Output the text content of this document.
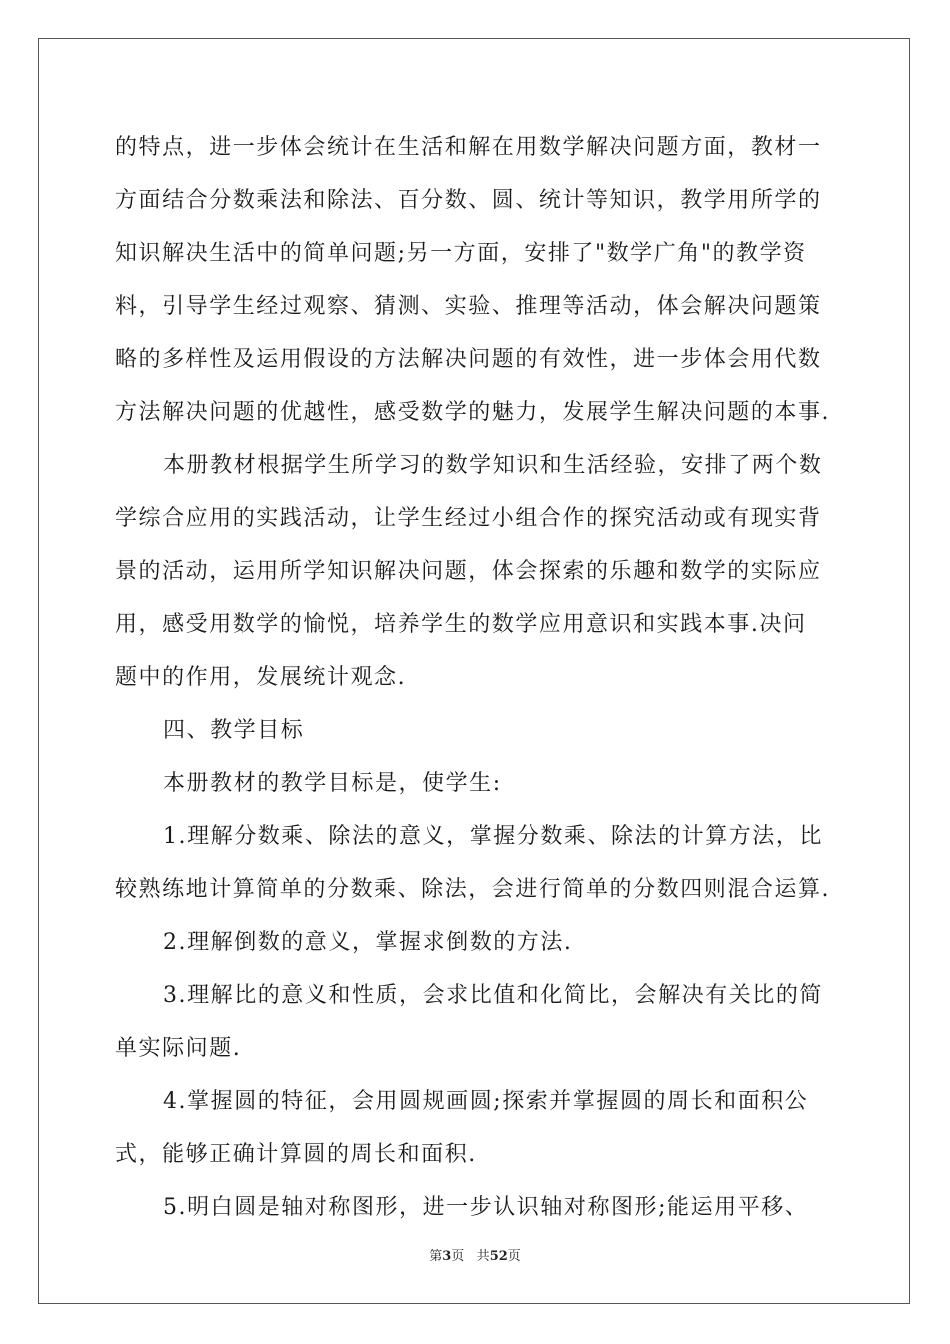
的特点，进一步体会统计在生活和解在用数学解决问题方面，教材一
方面结合分数乘法和除法、百分数、圆、统计等知识，教学用所学的
知识解决生活中的简单问题;另一方面，安排了"数学广角"的教学资
料，引导学生经过观察、猜测、实验、推理等活动，体会解决问题策
略的多样性及运用假设的方法解决问题的有效性，进一步体会用代数
方法解决问题的优越性，感受数学的魅力，发展学生解决问题的本事.
本册教材根据学生所学习的数学知识和生活经验，安排了两个数
学综合应用的实践活动，让学生经过小组合作的探究活动或有现实背
景的活动，运用所学知识解决问题，体会探索的乐趣和数学的实际应
用，感受用数学的愉悦，培养学生的数学应用意识和实践本事.决问
题中的作用，发展统计观念.
四、教学目标
本册教材的教学目标是，使学生:
1.理解分数乘、除法的意义，掌握分数乘、除法的计算方法，比
较熟练地计算简单的分数乘、除法，会进行简单的分数四则混合运算.
2.理解倒数的意义，掌握求倒数的方法.
3.理解比的意义和性质，会求比值和化简比，会解决有关比的简
单实际问题.
4.掌握圆的特征，会用圆规画圆;探索并掌握圆的周长和面积公
式，能够正确计算圆的周长和面积.
5.明白圆是轴对称图形，进一步认识轴对称图形;能运用平移、
第3页 共52页
